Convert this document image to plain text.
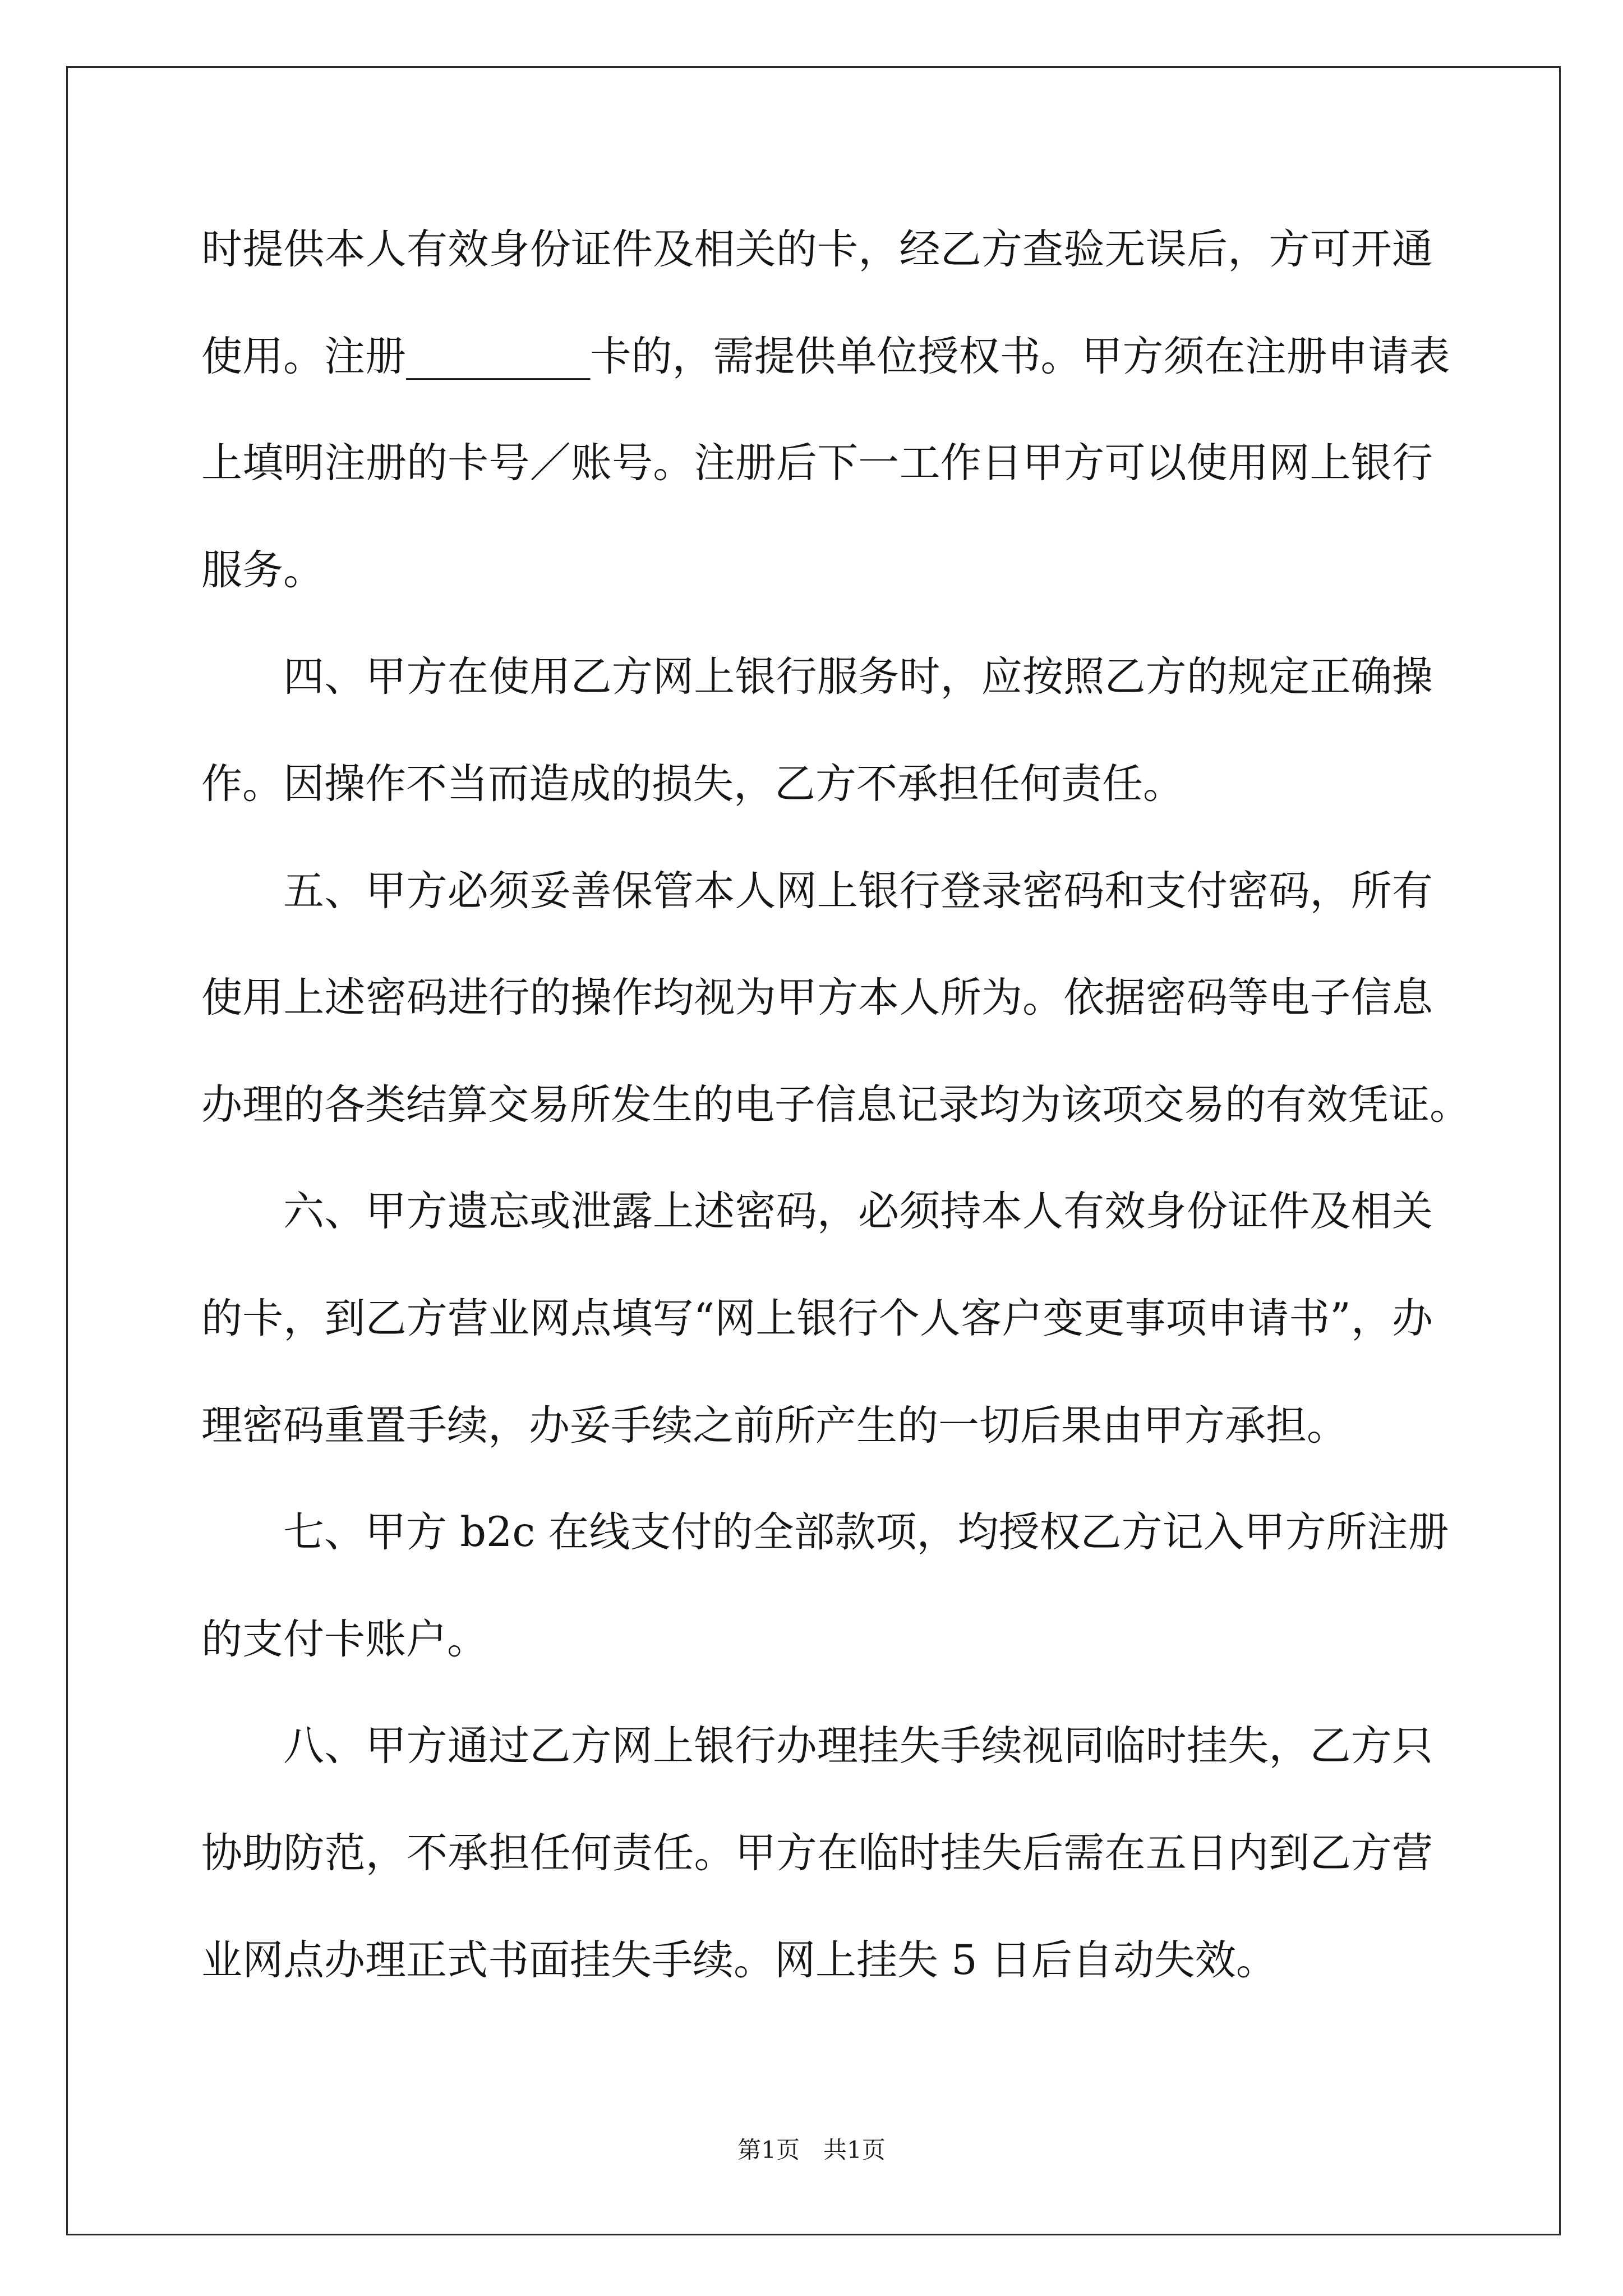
时提供本人有效身份证件及相关的卡，经乙方查验无误后，方可开通
使用。注册_________卡的，需提供单位授权书。甲方须在注册申请表
上填明注册的卡号／账号。注册后下一工作日甲方可以使用网上银行
服务。
四、甲方在使用乙方网上银行服务时，应按照乙方的规定正确操
作。因操作不当而造成的损失，乙方不承担任何责任。
五、甲方必须妥善保管本人网上银行登录密码和支付密码，所有
使用上述密码进行的操作均视为甲方本人所为。依据密码等电子信息
办理的各类结算交易所发生的电子信息记录均为该项交易的有效凭证。
六、甲方遗忘或泄露上述密码，必须持本人有效身份证件及相关
的卡，到乙方营业网点填写“网上银行个人客户变更事项申请书”，办
理密码重置手续，办妥手续之前所产生的一切后果由甲方承担。
七、甲方 b2c 在线支付的全部款项，均授权乙方记入甲方所注册
的支付卡账户。
八、甲方通过乙方网上银行办理挂失手续视同临时挂失，乙方只
协助防范，不承担任何责任。甲方在临时挂失后需在五日内到乙方营
业网点办理正式书面挂失手续。网上挂失 5 日后自动失效。
第1页　共1页
